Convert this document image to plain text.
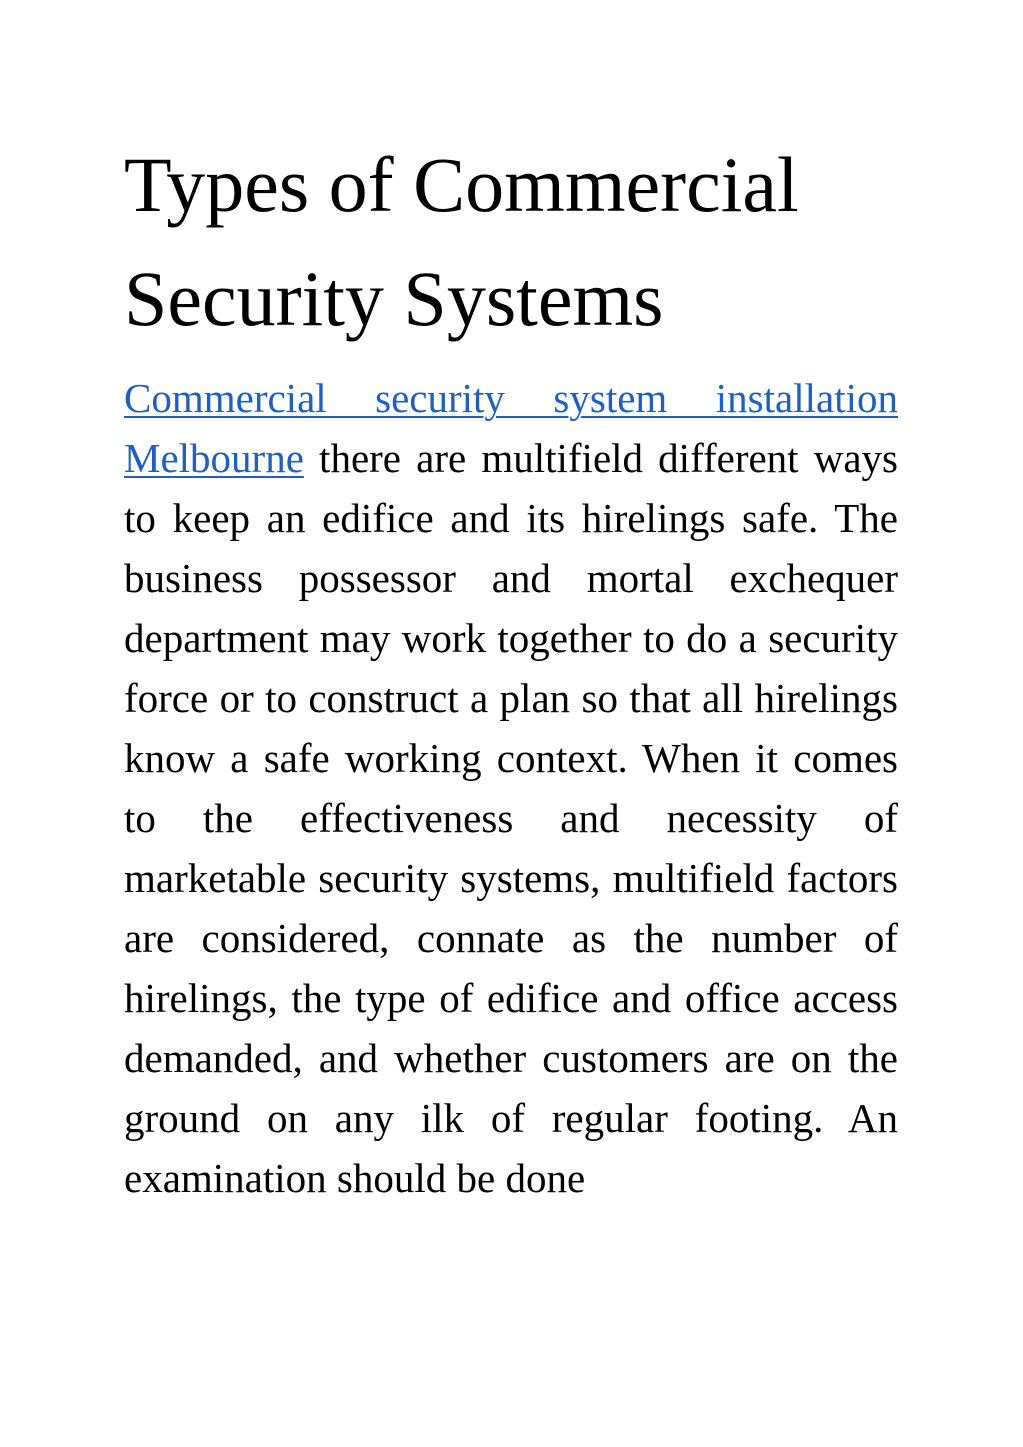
Types of Commercial Security Systems

Commercial security system installation Melbourne there are multifield different ways to keep an edifice and its hirelings safe. The business possessor and mortal exchequer department may work together to do a security force or to construct a plan so that all hirelings know a safe working context. When it comes to the effectiveness and necessity of marketable security systems, multifield factors are considered, connate as the number of hirelings, the type of edifice and office access demanded, and whether customers are on the ground on any ilk of regular footing. An examination should be done
